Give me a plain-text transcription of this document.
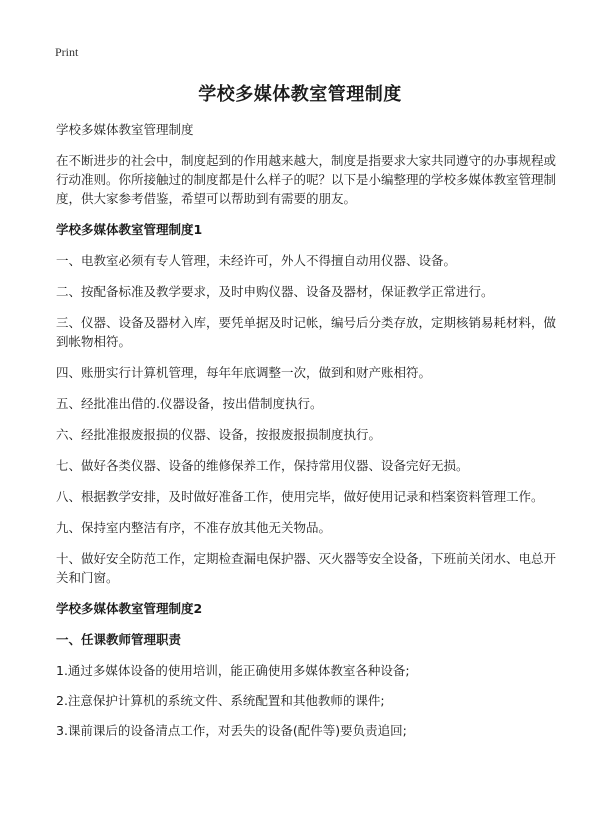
Print
学校多媒体教室管理制度

学校多媒体教室管理制度

在不断进步的社会中，制度起到的作用越来越大，制度是指要求大家共同遵守的办事规程或行动准则。你所接触过的制度都是什么样子的呢？以下是小编整理的学校多媒体教室管理制度，供大家参考借鉴，希望可以帮助到有需要的朋友。

学校多媒体教室管理制度1

一、电教室必须有专人管理，未经许可，外人不得擅自动用仪器、设备。

二、按配备标准及教学要求，及时申购仪器、设备及器材，保证教学正常进行。

三、仪器、设备及器材入库，要凭单据及时记帐，编号后分类存放，定期核销易耗材料，做到帐物相符。

四、账册实行计算机管理，每年年底调整一次，做到和财产账相符。

五、经批准出借的.仪器设备，按出借制度执行。

六、经批准报废报损的仪器、设备，按报废报损制度执行。

七、做好各类仪器、设备的维修保养工作，保持常用仪器、设备完好无损。

八、根据教学安排，及时做好准备工作，使用完毕，做好使用记录和档案资料管理工作。

九、保持室内整洁有序，不准存放其他无关物品。

十、做好安全防范工作，定期检查漏电保护器、灭火器等安全设备，下班前关闭水、电总开关和门窗。

学校多媒体教室管理制度2

一、任课教师管理职责

1.通过多媒体设备的使用培训，能正确使用多媒体教室各种设备;

2.注意保护计算机的系统文件、系统配置和其他教师的课件;

3.课前课后的设备清点工作，对丢失的设备(配件等)要负责追回;
